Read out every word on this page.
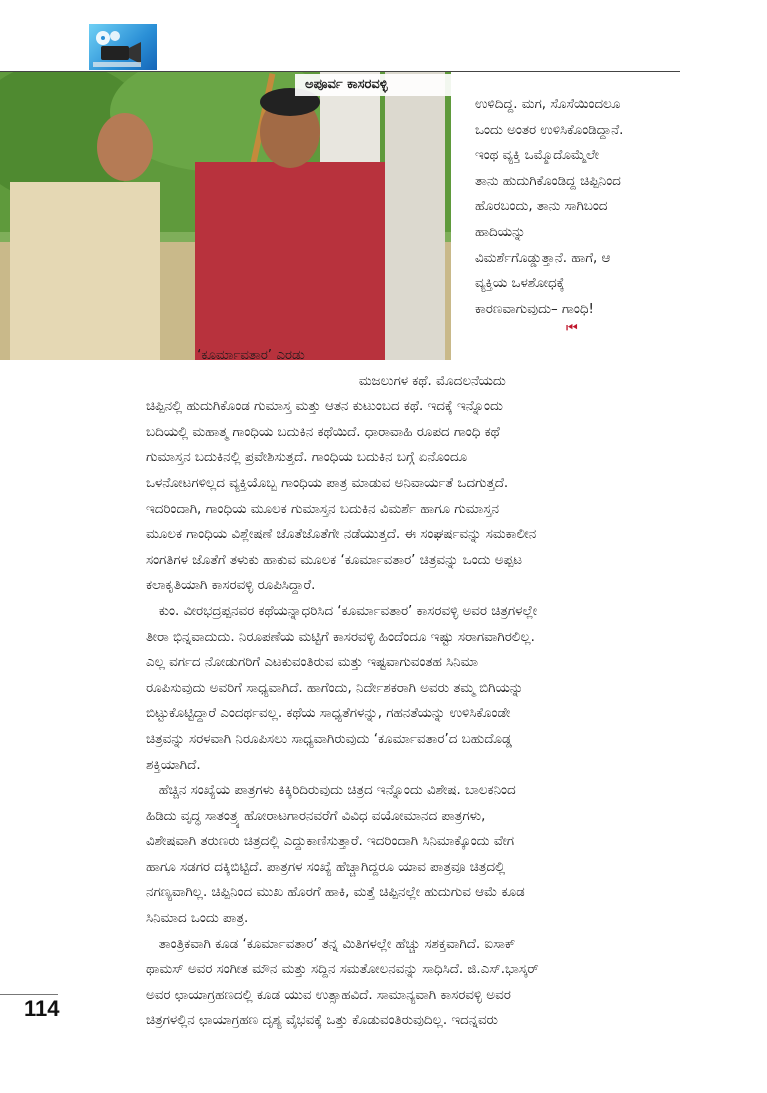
ಅಪೂರ್ವ ಕಾಸರವಳ್ಳಿ

ಉಳಿದಿದ್ದ. ಮಗ, ಸೊಸೆಯಿಂದಲೂ

ಒಂದು ಅಂತರ ಉಳಿಸಿಕೊಂಡಿದ್ದಾನೆ.

ಇಂಥ ವ್ಯಕ್ತಿ ಒಮ್ಮೊದೊಮ್ಮೆಲೇ

ತಾನು ಹುದುಗಿಕೊಂಡಿದ್ದ ಚಿಪ್ಪಿನಿಂದ

ಹೊರಬಂದು, ತಾನು ಸಾಗಿಬಂದ

ಹಾದಿಯನ್ನು

ವಿಮರ್ಶೆಗೊಡ್ಡುತ್ತಾನೆ. ಹಾಗೆ, ಆ

ವ್ಯಕ್ತಿಯ ಒಳಶೋಧಕ್ಕೆ

ಕಾರಣವಾಗುವುದು– ಗಾಂಧಿ!

⏮

‘ಕೂರ್ಮಾವತಾರ’ ಎರಡು

ಮಜಲುಗಳ ಕಥೆ. ಮೊದಲನೆಯದು

ಚಿಪ್ಪಿನಲ್ಲಿ ಹುದುಗಿಕೊಂಡ ಗುಮಾಸ್ತ ಮತ್ತು ಆತನ ಕುಟುಂಬದ ಕಥೆ. ಇದಕ್ಕೆ ಇನ್ನೊಂದು

ಬದಿಯಲ್ಲಿ ಮಹಾತ್ಮ ಗಾಂಧಿಯ ಬದುಕಿನ ಕಥೆಯಿದೆ. ಧಾರಾವಾಹಿ ರೂಪದ ಗಾಂಧಿ ಕಥೆ

ಗುಮಾಸ್ತನ ಬದುಕಿನಲ್ಲಿ ಪ್ರವೇಶಿಸುತ್ತದೆ. ಗಾಂಧಿಯ ಬದುಕಿನ ಬಗ್ಗೆ ಏನೊಂದೂ

ಒಳನೋಟಗಳಿಲ್ಲದ ವ್ಯಕ್ತಿಯೊಬ್ಬ ಗಾಂಧಿಯ ಪಾತ್ರ ಮಾಡುವ ಅನಿವಾರ್ಯತೆ ಒದಗುತ್ತದೆ.

ಇದರಿಂದಾಗಿ, ಗಾಂಧಿಯ ಮೂಲಕ ಗುಮಾಸ್ತನ ಬದುಕಿನ ವಿಮರ್ಶೆ ಹಾಗೂ ಗುಮಾಸ್ತನ

ಮೂಲಕ ಗಾಂಧಿಯ ವಿಶ್ಲೇಷಣೆ ಜೊತೆಜೊತೆಗೇ ನಡೆಯುತ್ತದೆ. ಈ ಸಂಘರ್ಷವನ್ನು ಸಮಕಾಲೀನ

ಸಂಗತಿಗಳ ಜೊತೆಗೆ ತಳುಕು ಹಾಕುವ ಮೂಲಕ ‘ಕೂರ್ಮಾವತಾರ’ ಚಿತ್ರವನ್ನು ಒಂದು ಅಪ್ಪಟ

ಕಲಾಕೃತಿಯಾಗಿ ಕಾಸರವಳ್ಳಿ ರೂಪಿಸಿದ್ದಾರೆ.

ಕುಂ. ವೀರಭದ್ರಪ್ಪನವರ ಕಥೆಯನ್ನಾಧರಿಸಿದ ‘ಕೂರ್ಮಾವತಾರ’ ಕಾಸರವಳ್ಳಿ ಅವರ ಚಿತ್ರಗಳಲ್ಲೇ

ತೀರಾ ಭಿನ್ನವಾದುದು. ನಿರೂಪಣೆಯ ಮಟ್ಟಿಗೆ ಕಾಸರವಳ್ಳಿ ಹಿಂದೆಂದೂ ಇಷ್ಟು ಸರಾಗವಾಗಿರಲಿಲ್ಲ.

ಎಲ್ಲ ವರ್ಗದ ನೋಡುಗರಿಗೆ ಎಟಕುವಂತಿರುವ ಮತ್ತು ಇಷ್ಟವಾಗುವಂತಹ ಸಿನಿಮಾ

ರೂಪಿಸುವುದು ಅವರಿಗೆ ಸಾಧ್ಯವಾಗಿದೆ. ಹಾಗೆಂದು, ನಿರ್ದೇಶಕರಾಗಿ ಅವರು ತಮ್ಮ ಬಿಗಿಯನ್ನು

ಬಿಟ್ಟುಕೊಟ್ಟಿದ್ದಾರೆ ಎಂದರ್ಥವಲ್ಲ. ಕಥೆಯ ಸಾಧ್ಯತೆಗಳನ್ನು, ಗಹನತೆಯನ್ನು ಉಳಿಸಿಕೊಂಡೇ

ಚಿತ್ರವನ್ನು ಸರಳವಾಗಿ ನಿರೂಪಿಸಲು ಸಾಧ್ಯವಾಗಿರುವುದು ‘ಕೂರ್ಮಾವತಾರ’ದ ಬಹುದೊಡ್ಡ

ಶಕ್ತಿಯಾಗಿದೆ.

ಹೆಚ್ಚಿನ ಸಂಖ್ಯೆಯ ಪಾತ್ರಗಳು ಕಿಕ್ಕಿರಿದಿರುವುದು ಚಿತ್ರದ ಇನ್ನೊಂದು ವಿಶೇಷ. ಬಾಲಕನಿಂದ

ಹಿಡಿದು ವೃದ್ಧ ಸಾತಂತ್ರ್ಯ ಹೋರಾಟಗಾರನವರೆಗೆ ವಿವಿಧ ವಯೋಮಾನದ ಪಾತ್ರಗಳು,

ವಿಶೇಷವಾಗಿ ತರುಣರು ಚಿತ್ರದಲ್ಲಿ ಎದ್ದುಕಾಣಿಸುತ್ತಾರೆ. ಇದರಿಂದಾಗಿ ಸಿನಿಮಾಕ್ಕೊಂದು ವೇಗ

ಹಾಗೂ ಸಡಗರ ದಕ್ಕಿಬಿಟ್ಟಿದೆ. ಪಾತ್ರಗಳ ಸಂಖ್ಯೆ ಹೆಚ್ಚಾಗಿದ್ದರೂ ಯಾವ ಪಾತ್ರವೂ ಚಿತ್ರದಲ್ಲಿ

ನಗಣ್ಯವಾಗಿಲ್ಲ. ಚಿಪ್ಪಿನಿಂದ ಮುಖ ಹೊರಗೆ ಹಾಕಿ, ಮತ್ತೆ ಚಿಪ್ಪಿನಲ್ಲೇ ಹುದುಗುವ ಆಮೆ ಕೂಡ

ಸಿನಿಮಾದ ಒಂದು ಪಾತ್ರ.

ತಾಂತ್ರಿಕವಾಗಿ ಕೂಡ ‘ಕೂರ್ಮಾವತಾರ’ ತನ್ನ ಮಿತಿಗಳಲ್ಲೇ ಹೆಚ್ಚು ಸಶಕ್ತವಾಗಿದೆ. ಐಸಾಕ್

ಥಾಮಸ್ ಅವರ ಸಂಗೀತ ಮೌನ ಮತ್ತು ಸದ್ದಿನ ಸಮತೋಲನವನ್ನು ಸಾಧಿಸಿದೆ. ಜಿ.ಎಸ್.ಭಾಸ್ಕರ್

ಅವರ ಛಾಯಾಗ್ರಹಣದಲ್ಲಿ ಕೂಡ ಯುವ ಉತ್ಸಾಹವಿದೆ. ಸಾಮಾನ್ಯವಾಗಿ ಕಾಸರವಳ್ಳಿ ಅವರ

ಚಿತ್ರಗಳಲ್ಲಿನ ಛಾಯಾಗ್ರಹಣ ದೃಶ್ಯ ವೈಭವಕ್ಕೆ ಒತ್ತು ಕೊಡುವಂತಿರುವುದಿಲ್ಲ. ಇದನ್ನವರು

114
